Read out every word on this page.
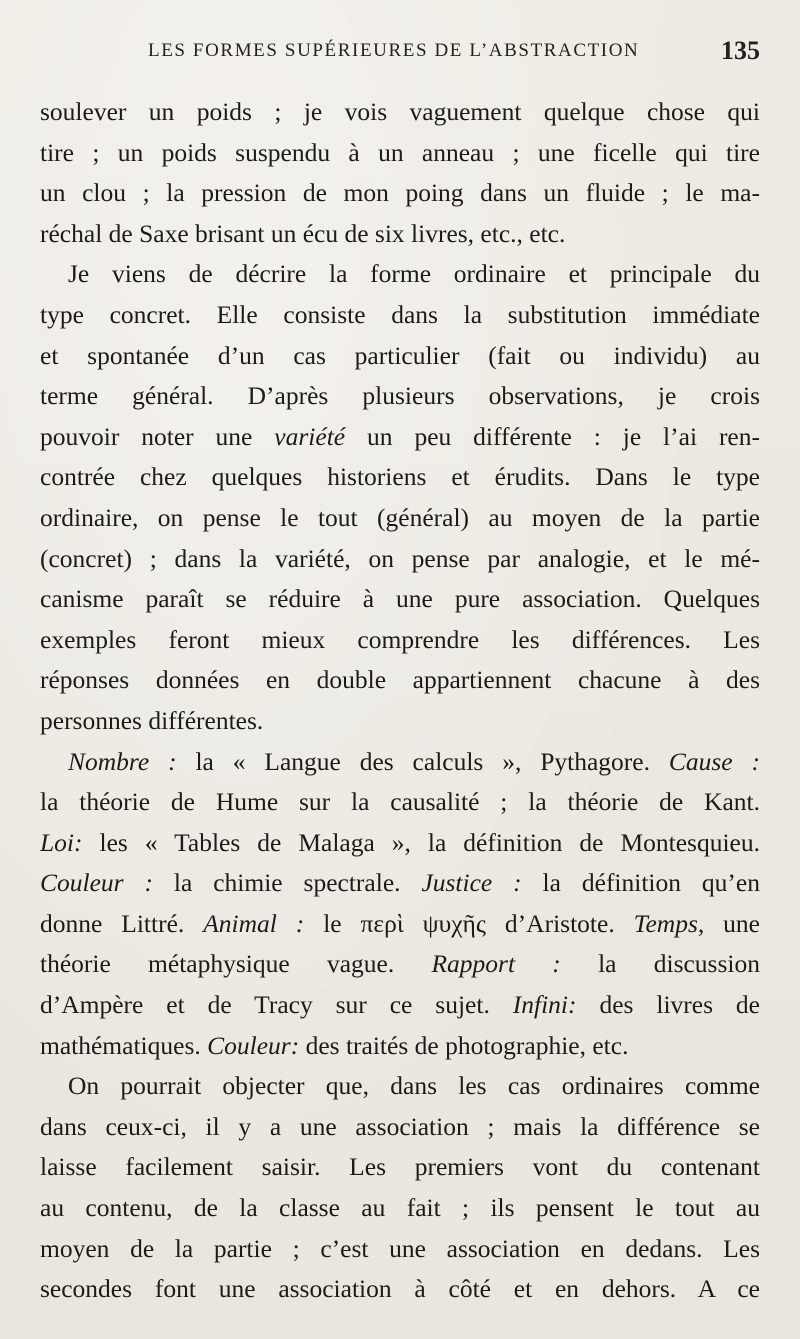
LES FORMES SUPÉRIEURES DE L’ABSTRACTION	135
soulever un poids ; je vois vaguement quelque chose qui
tire ; un poids suspendu à un anneau ; une ficelle qui tire
un clou ; la pression de mon poing dans un fluide ; le ma-
réchal de Saxe brisant un écu de six livres, etc., etc.
Je viens de décrire la forme ordinaire et principale du
type concret. Elle consiste dans la substitution immédiate
et spontanée d’un cas particulier (fait ou individu) au
terme général. D’après plusieurs observations, je crois
pouvoir noter une variété un peu différente : je l’ai ren-
contrée chez quelques historiens et érudits. Dans le type
ordinaire, on pense le tout (général) au moyen de la partie
(concret) ; dans la variété, on pense par analogie, et le mé-
canisme paraît se réduire à une pure association. Quelques
exemples feront mieux comprendre les différences. Les
réponses données en double appartiennent chacune à des
personnes différentes.
Nombre : la « Langue des calculs », Pythagore. Cause :
la théorie de Hume sur la causalité ; la théorie de Kant.
Loi: les « Tables de Malaga », la définition de Montesquieu.
Couleur : la chimie spectrale. Justice : la définition qu’en
donne Littré. Animal : le περὶ ψυχῆς d’Aristote. Temps, une
théorie métaphysique vague. Rapport : la discussion
d’Ampère et de Tracy sur ce sujet. Infini: des livres de
mathématiques. Couleur: des traités de photographie, etc.
On pourrait objecter que, dans les cas ordinaires comme
dans ceux-ci, il y a une association ; mais la différence se
laisse facilement saisir. Les premiers vont du contenant
au contenu, de la classe au fait ; ils pensent le tout au
moyen de la partie ; c’est une association en dedans. Les
secondes font une association à côté et en dehors. A ce
